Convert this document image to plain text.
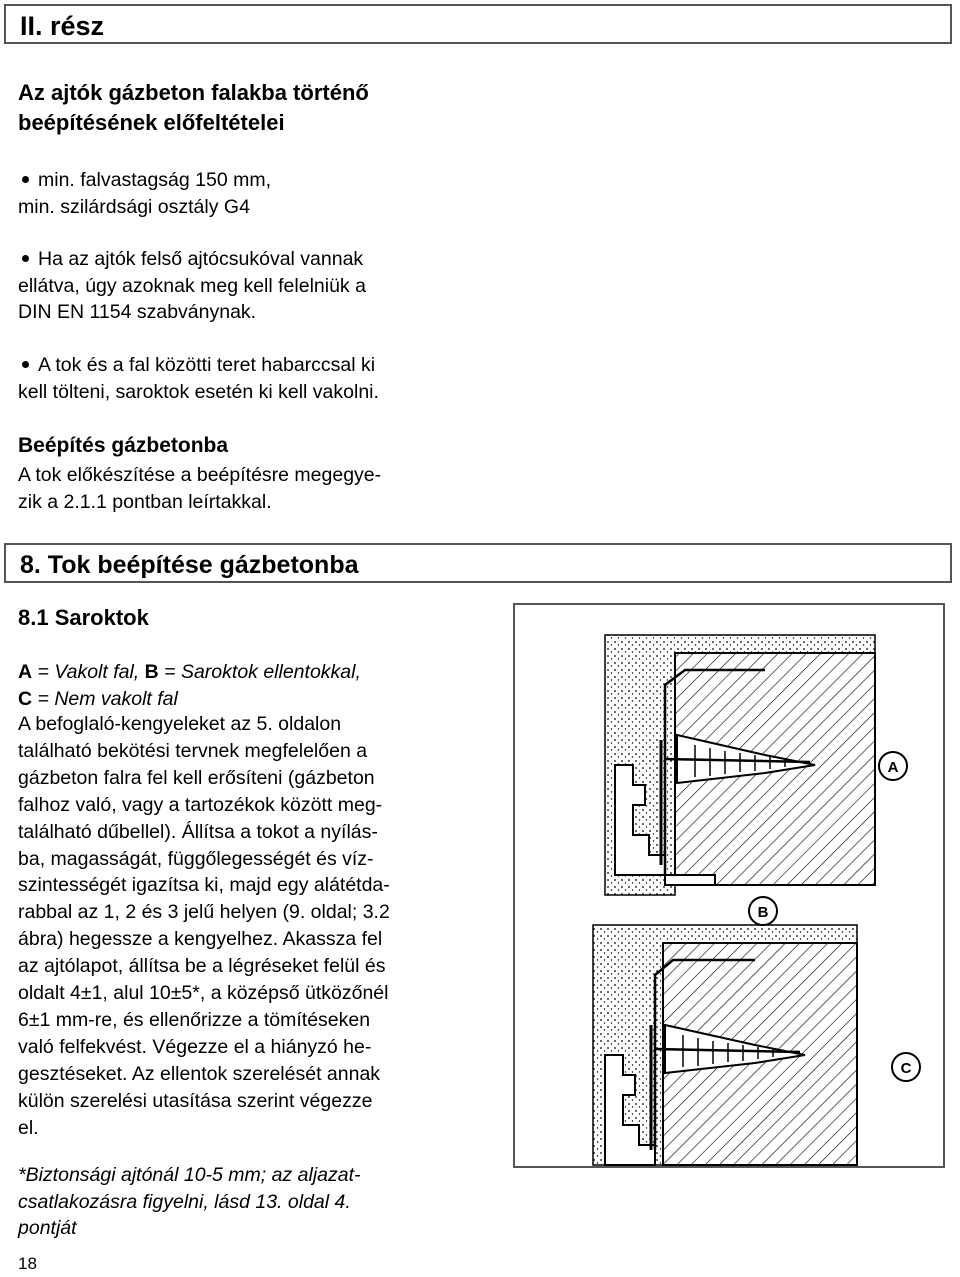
II. rész
Az ajtók gázbeton falakba történő
beépítésének előfeltételei
min. falvastagság 150 mm,
min. szilárdsági osztály G4
Ha az ajtók felső ajtócsukóval vannak
ellátva, úgy azoknak meg kell felelniük a
DIN EN 1154 szabványnak.
A tok és a fal közötti teret habarccsal ki
kell tölteni, saroktok esetén ki kell vakolni.
Beépítés gázbetonba
A tok előkészítése a beépítésre megegye-
zik a 2.1.1 pontban leírtakkal.
8. Tok beépítése gázbetonba
8.1 Saroktok
A = Vakolt fal, B = Saroktok ellentokkal,
C = Nem vakolt fal
A befoglaló-kengyeleket az 5. oldalon
található bekötési tervnek megfelelően a
gázbeton falra fel kell erősíteni (gázbeton
falhoz való, vagy a tartozékok között meg-
található dűbellel). Állítsa a tokot a nyílás-
ba, magasságát, függőlegességét és víz-
szintességét igazítsa ki, majd egy alátétda-
rabbal az 1, 2 és 3 jelű helyen (9. oldal; 3.2
ábra) hegessze a kengyelhez. Akassza fel
az ajtólapot, állítsa be a légréseket felül és
oldalt 4±1, alul 10±5*, a középső ütközőnél
6±1 mm-re, és ellenőrizze a tömítéseken
való felfekvést. Végezze el a hiányzó he-
gesztéseket. Az ellentok szerelését annak
külön szerelési utasítása szerint végezze
el.
*Biztonsági ajtónál 10-5 mm; az aljazat-
csatlakozásra figyelni, lásd 13. oldal 4.
pontját
18
A
B
C
